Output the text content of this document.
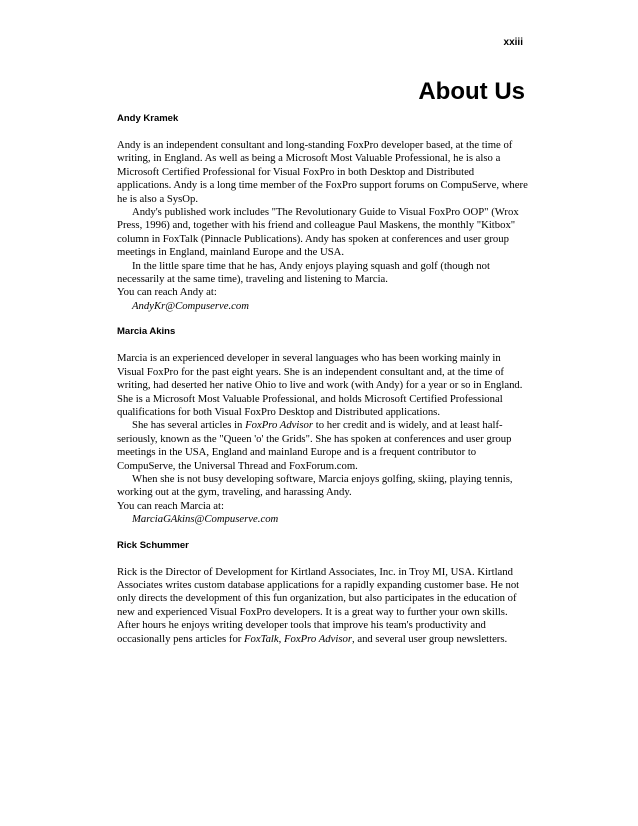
xxiii
About Us

Andy Kramek

Andy is an independent consultant and long-standing FoxPro developer based, at the time of writing, in England. As well as being a Microsoft Most Valuable Professional, he is also a Microsoft Certified Professional for Visual FoxPro in both Desktop and Distributed applications. Andy is a long time member of the FoxPro support forums on CompuServe, where he is also a SysOp.

Andy's published work includes "The Revolutionary Guide to Visual FoxPro OOP" (Wrox Press, 1996) and, together with his friend and colleague Paul Maskens, the monthly "Kitbox" column in FoxTalk (Pinnacle Publications). Andy has spoken at conferences and user group meetings in England, mainland Europe and the USA.

In the little spare time that he has, Andy enjoys playing squash and golf (though not necessarily at the same time), traveling and listening to Marcia.

You can reach Andy at:

AndyKr@Compuserve.com

Marcia Akins

Marcia is an experienced developer in several languages who has been working mainly in Visual FoxPro for the past eight years. She is an independent consultant and, at the time of writing, had deserted her native Ohio to live and work (with Andy) for a year or so in England. She is a Microsoft Most Valuable Professional, and holds Microsoft Certified Professional qualifications for both Visual FoxPro Desktop and Distributed applications.

She has several articles in FoxPro Advisor to her credit and is widely, and at least half-seriously, known as the "Queen 'o' the Grids". She has spoken at conferences and user group meetings in the USA, England and mainland Europe and is a frequent contributor to CompuServe, the Universal Thread and FoxForum.com.

When she is not busy developing software, Marcia enjoys golfing, skiing, playing tennis, working out at the gym, traveling, and harassing Andy.

You can reach Marcia at:

MarciaGAkins@Compuserve.com

Rick Schummer

Rick is the Director of Development for Kirtland Associates, Inc. in Troy MI, USA. Kirtland Associates writes custom database applications for a rapidly expanding customer base. He not only directs the development of this fun organization, but also participates in the education of new and experienced Visual FoxPro developers. It is a great way to further your own skills. After hours he enjoys writing developer tools that improve his team's productivity and occasionally pens articles for FoxTalk, FoxPro Advisor, and several user group newsletters.
